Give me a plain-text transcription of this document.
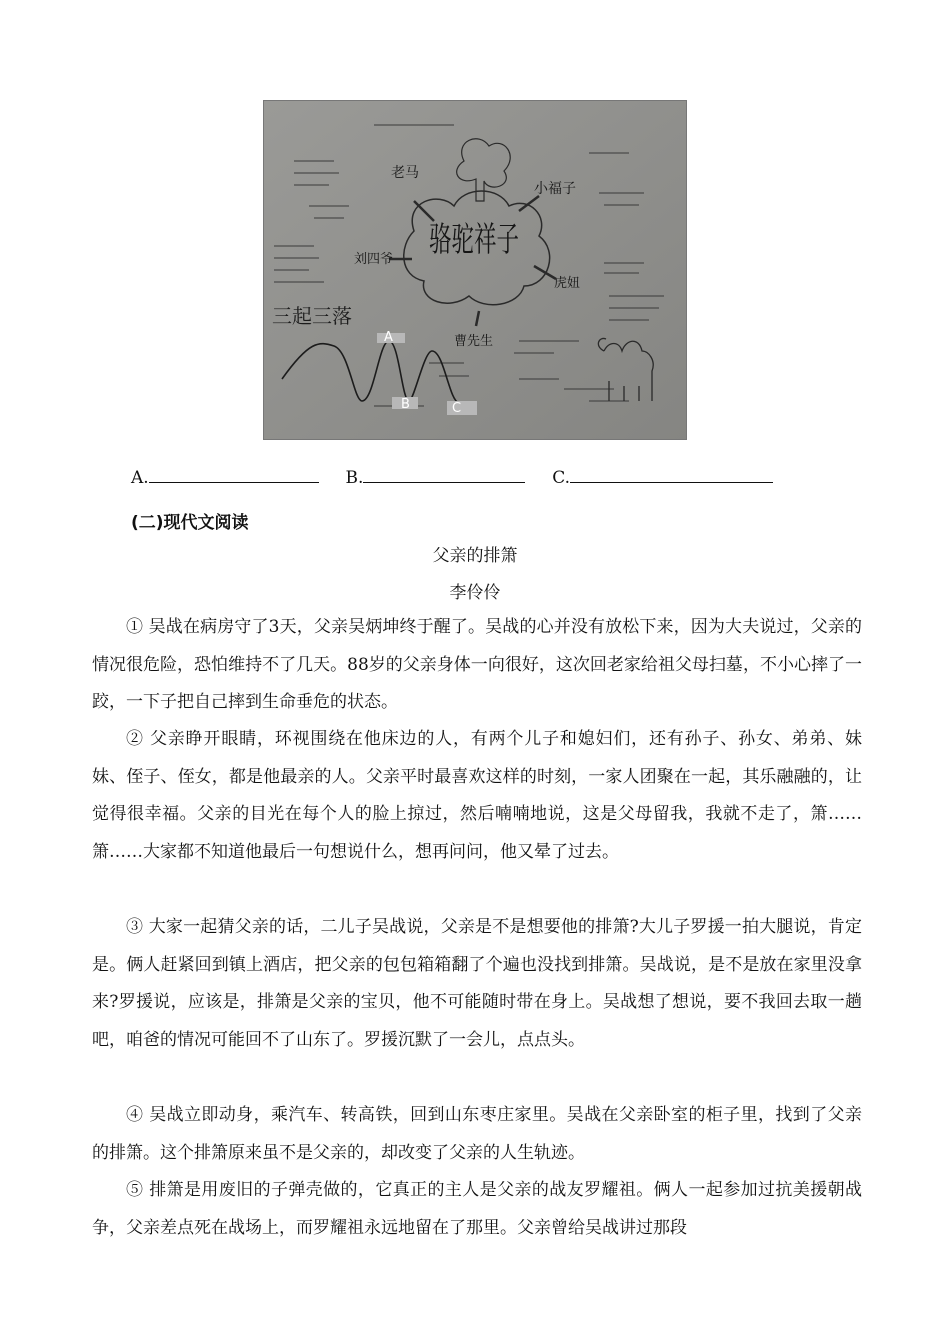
骆驼祥子
老马
小福子
刘四爷
虎妞
曹先生
三起三落
A
B	C
A.	B.	C.
(二)现代文阅读
父亲的排箫
李伶伶

① 吴战在病房守了3天，父亲吴炳坤终于醒了。吴战的心并没有放松下来，因为大夫说过，父亲的情况很危险，恐怕维持不了几天。88岁的父亲身体一向很好，这次回老家给祖父母扫墓，不小心摔了一跤，一下子把自己摔到生命垂危的状态。

② 父亲睁开眼睛，环视围绕在他床边的人，有两个儿子和媳妇们，还有孙子、孙女、弟弟、妹妹、侄子、侄女，都是他最亲的人。父亲平时最喜欢这样的时刻，一家人团聚在一起，其乐融融的，让觉得很幸福。父亲的目光在每个人的脸上掠过，然后喃喃地说，这是父母留我，我就不走了，箫……箫……大家都不知道他最后一句想说什么，想再问问，他又晕了过去。

③ 大家一起猜父亲的话，二儿子吴战说，父亲是不是想要他的排箫?大儿子罗援一拍大腿说，肯定是。俩人赶紧回到镇上酒店，把父亲的包包箱箱翻了个遍也没找到排箫。吴战说，是不是放在家里没拿来?罗援说，应该是，排箫是父亲的宝贝，他不可能随时带在身上。吴战想了想说，要不我回去取一趟吧，咱爸的情况可能回不了山东了。罗援沉默了一会儿，点点头。

④ 吴战立即动身，乘汽车、转高铁，回到山东枣庄家里。吴战在父亲卧室的柜子里，找到了父亲的排箫。这个排箫原来虽不是父亲的，却改变了父亲的人生轨迹。

⑤ 排箫是用废旧的子弹壳做的，它真正的主人是父亲的战友罗耀祖。俩人一起参加过抗美援朝战争，父亲差点死在战场上，而罗耀祖永远地留在了那里。父亲曾给吴战讲过那段
